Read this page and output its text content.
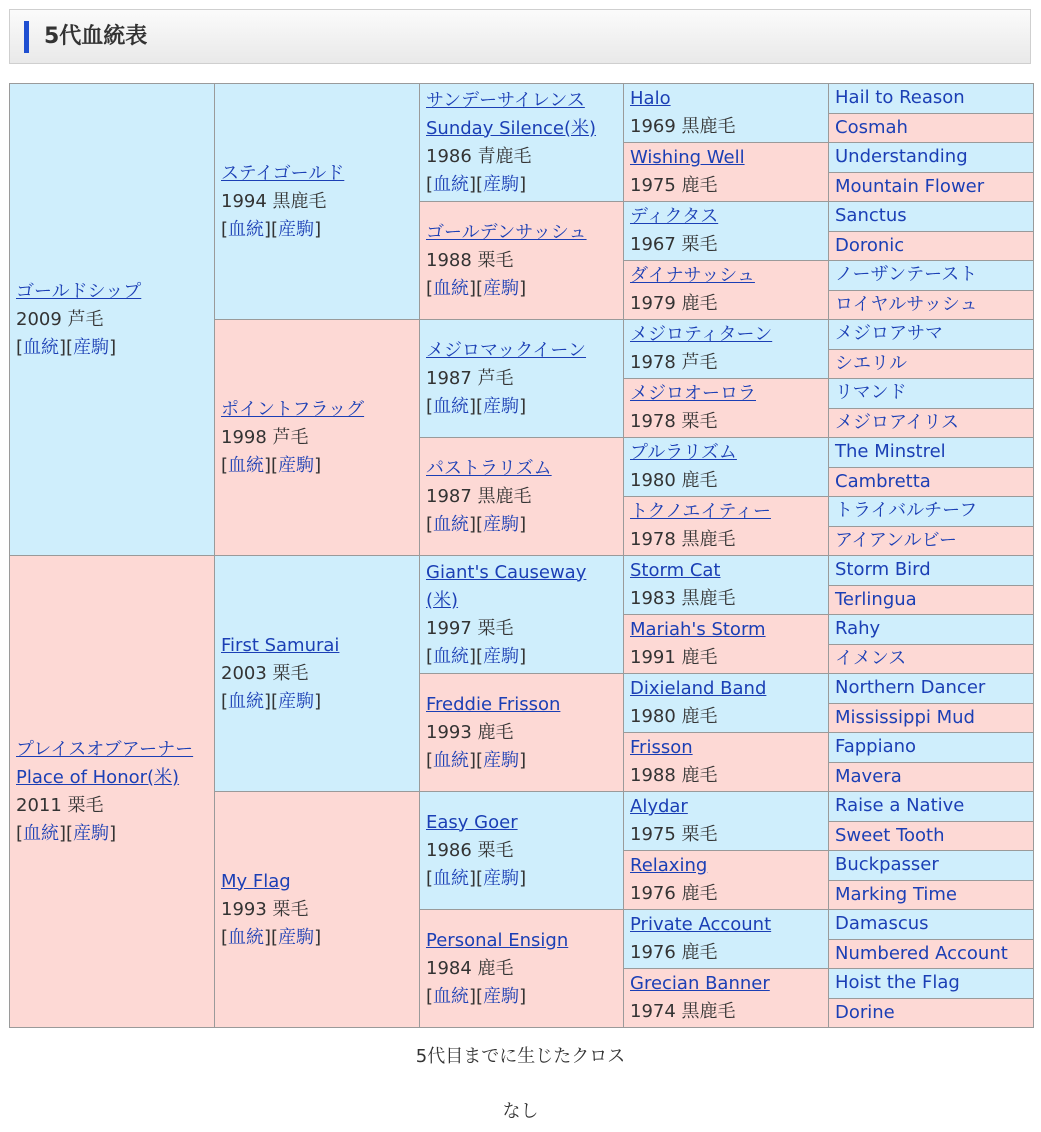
5代血統表
ゴールドシップ
2009 芦毛
[血統][産駒]	ステイゴールド
1994 黒鹿毛
[血統][産駒]	サンデーサイレンス
Sunday Silence(米)
1986 青鹿毛
[血統][産駒]	Halo
1969 黒鹿毛	Hail to Reason
				Cosmah

			Wishing Well
1975 鹿毛	Understanding
				Mountain Flower

		ゴールデンサッシュ
1988 栗毛
[血統][産駒]	ディクタス
1967 栗毛	Sanctus
				Doronic

			ダイナサッシュ
1979 鹿毛	ノーザンテースト
				ロイヤルサッシュ

	ポイントフラッグ
1998 芦毛
[血統][産駒]	メジロマックイーン
1987 芦毛
[血統][産駒]	メジロティターン
1978 芦毛	メジロアサマ
				シエリル

			メジロオーロラ
1978 栗毛	リマンド
				メジロアイリス

		パストラリズム
1987 黒鹿毛
[血統][産駒]	プルラリズム
1980 鹿毛	The Minstrel
				Cambretta

			トクノエイティー
1978 黒鹿毛	トライバルチーフ
				アイアンルビー

プレイスオブアーナー
Place of Honor(米)
2011 栗毛
[血統][産駒]	First Samurai
2003 栗毛
[血統][産駒]	Giant's Causeway
(米)
1997 栗毛
[血統][産駒]	Storm Cat
1983 黒鹿毛	Storm Bird
				Terlingua

			Mariah's Storm
1991 鹿毛	Rahy
				イメンス

		Freddie Frisson
1993 鹿毛
[血統][産駒]	Dixieland Band
1980 鹿毛	Northern Dancer
				Mississippi Mud

			Frisson
1988 鹿毛	Fappiano
				Mavera

	My Flag
1993 栗毛
[血統][産駒]	Easy Goer
1986 栗毛
[血統][産駒]	Alydar
1975 栗毛	Raise a Native
				Sweet Tooth

			Relaxing
1976 鹿毛	Buckpasser
				Marking Time

		Personal Ensign
1984 鹿毛
[血統][産駒]	Private Account
1976 鹿毛	Damascus
				Numbered Account

			Grecian Banner
1974 黒鹿毛	Hoist the Flag
				Dorine
5代目までに生じたクロス
なし
